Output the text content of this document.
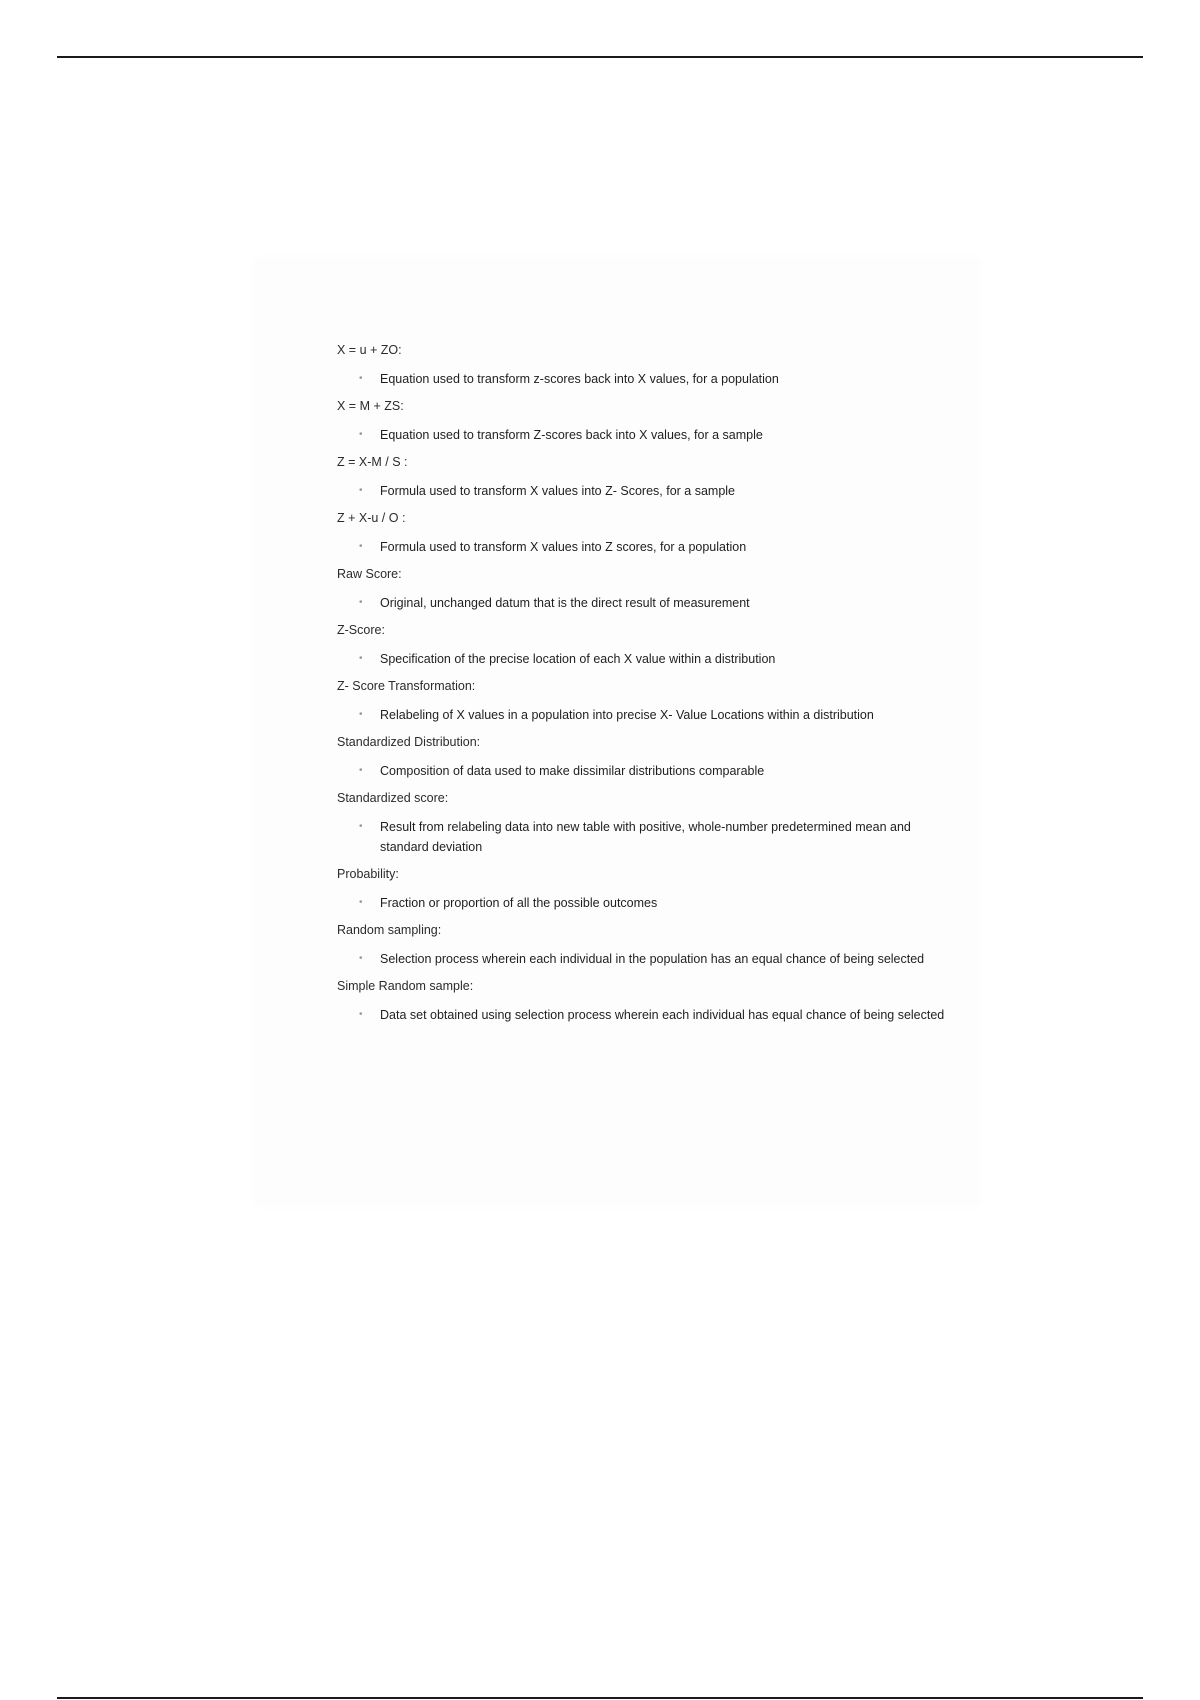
X = u + ZO:

• Equation used to transform z-scores back into X values, for a population

X = M + ZS:

• Equation used to transform Z-scores back into X values, for a sample

Z = X-M / S :

• Formula used to transform X values into Z- Scores, for a sample

Z + X-u / O :

• Formula used to transform X values into Z scores, for a population

Raw Score:

• Original, unchanged datum that is the direct result of measurement

Z-Score:

• Specification of the precise location of each X value within a distribution

Z- Score Transformation:

• Relabeling of X values in a population into precise X- Value Locations within a distribution

Standardized Distribution:

• Composition of data used to make dissimilar distributions comparable

Standardized score:

• Result from relabeling data into new table with positive, whole-number predetermined mean and standard deviation

Probability:

• Fraction or proportion of all the possible outcomes

Random sampling:

• Selection process wherein each individual in the population has an equal chance of being selected

Simple Random sample:

• Data set obtained using selection process wherein each individual has equal chance of being selected
